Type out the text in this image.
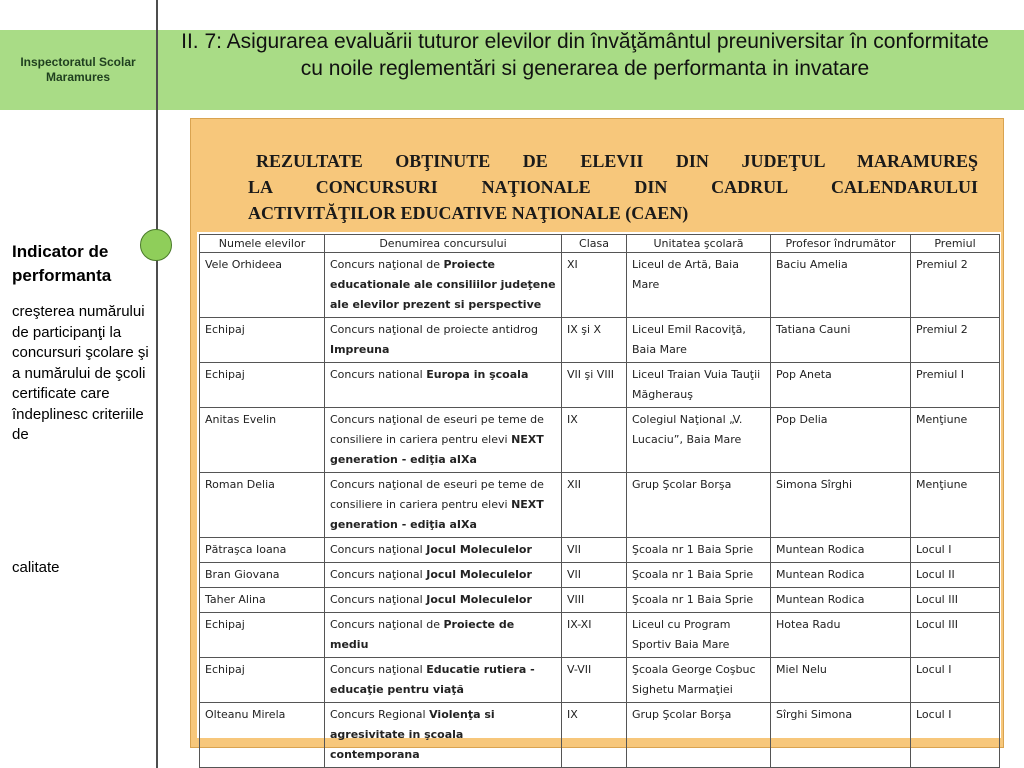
Inspectoratul Scolar Maramures
II. 7: Asigurarea evaluării tuturor elevilor din învăţământul preuniversitar în conformitate cu noile reglementări si generarea de performanta in invatare
Indicator de performanta
creşterea numărului de participanţi la concursuri şcolare şi a numărului de şcoli certificate care îndeplinesc criteriile de
calitate
REZULTATE OBŢINUTE DE ELEVII DIN JUDEŢUL MARAMUREŞ
LA CONCURSURI NAŢIONALE DIN CADRUL CALENDARULUI
ACTIVITĂŢILOR EDUCATIVE NAŢIONALE (CAEN)
Numele elevilor	Denumirea concursului	Clasa	Unitatea şcolară	Profesor îndrumător	Premiul
Vele Orhideea	Concurs naţional de Proiecte educationale ale consiliilor judeţene ale elevilor prezent si perspective	XI	Liceul de Artă, Baia Mare	Baciu Amelia	Premiul 2
Echipaj	Concurs naţional de proiecte antidrog Impreuna	IX şi X	Liceul Emil Racoviţă, Baia Mare	Tatiana Cauni	Premiul 2
Echipaj	Concurs national Europa in şcoala	VII şi VIII	Liceul Traian Vuia Tauţii Măgherauş	Pop Aneta	Premiul I
Anitas Evelin	Concurs naţional de eseuri pe teme de consiliere in cariera pentru elevi NEXT generation - ediţia aIXa	IX	Colegiul Naţional „V. Lucaciu”, Baia Mare	Pop Delia	Menţiune
Roman Delia	Concurs naţional de eseuri pe teme de consiliere in cariera pentru elevi NEXT generation - ediţia aIXa	XII	Grup Şcolar Borşa	Simona Sîrghi	Menţiune
Pătraşca Ioana	Concurs naţional Jocul Moleculelor	VII	Şcoala nr 1 Baia Sprie	Muntean Rodica	Locul I
Bran Giovana	Concurs naţional Jocul Moleculelor	VII	Şcoala nr 1 Baia Sprie	Muntean Rodica	Locul II
Taher Alina	Concurs naţional Jocul Moleculelor	VIII	Şcoala nr 1 Baia Sprie	Muntean Rodica	Locul III
Echipaj	Concurs naţional de Proiecte de mediu	IX-XI	Liceul cu Program Sportiv Baia Mare	Hotea Radu	Locul III
Echipaj	Concurs naţional Educatie rutiera - educaţie pentru viaţă	V-VII	Şcoala George Coşbuc Sighetu Marmaţiei	Miel Nelu	Locul I
Olteanu Mirela	Concurs Regional Violenţa si agresivitate in şcoala contemporana	IX	Grup Şcolar Borşa	Sîrghi Simona	Locul I
